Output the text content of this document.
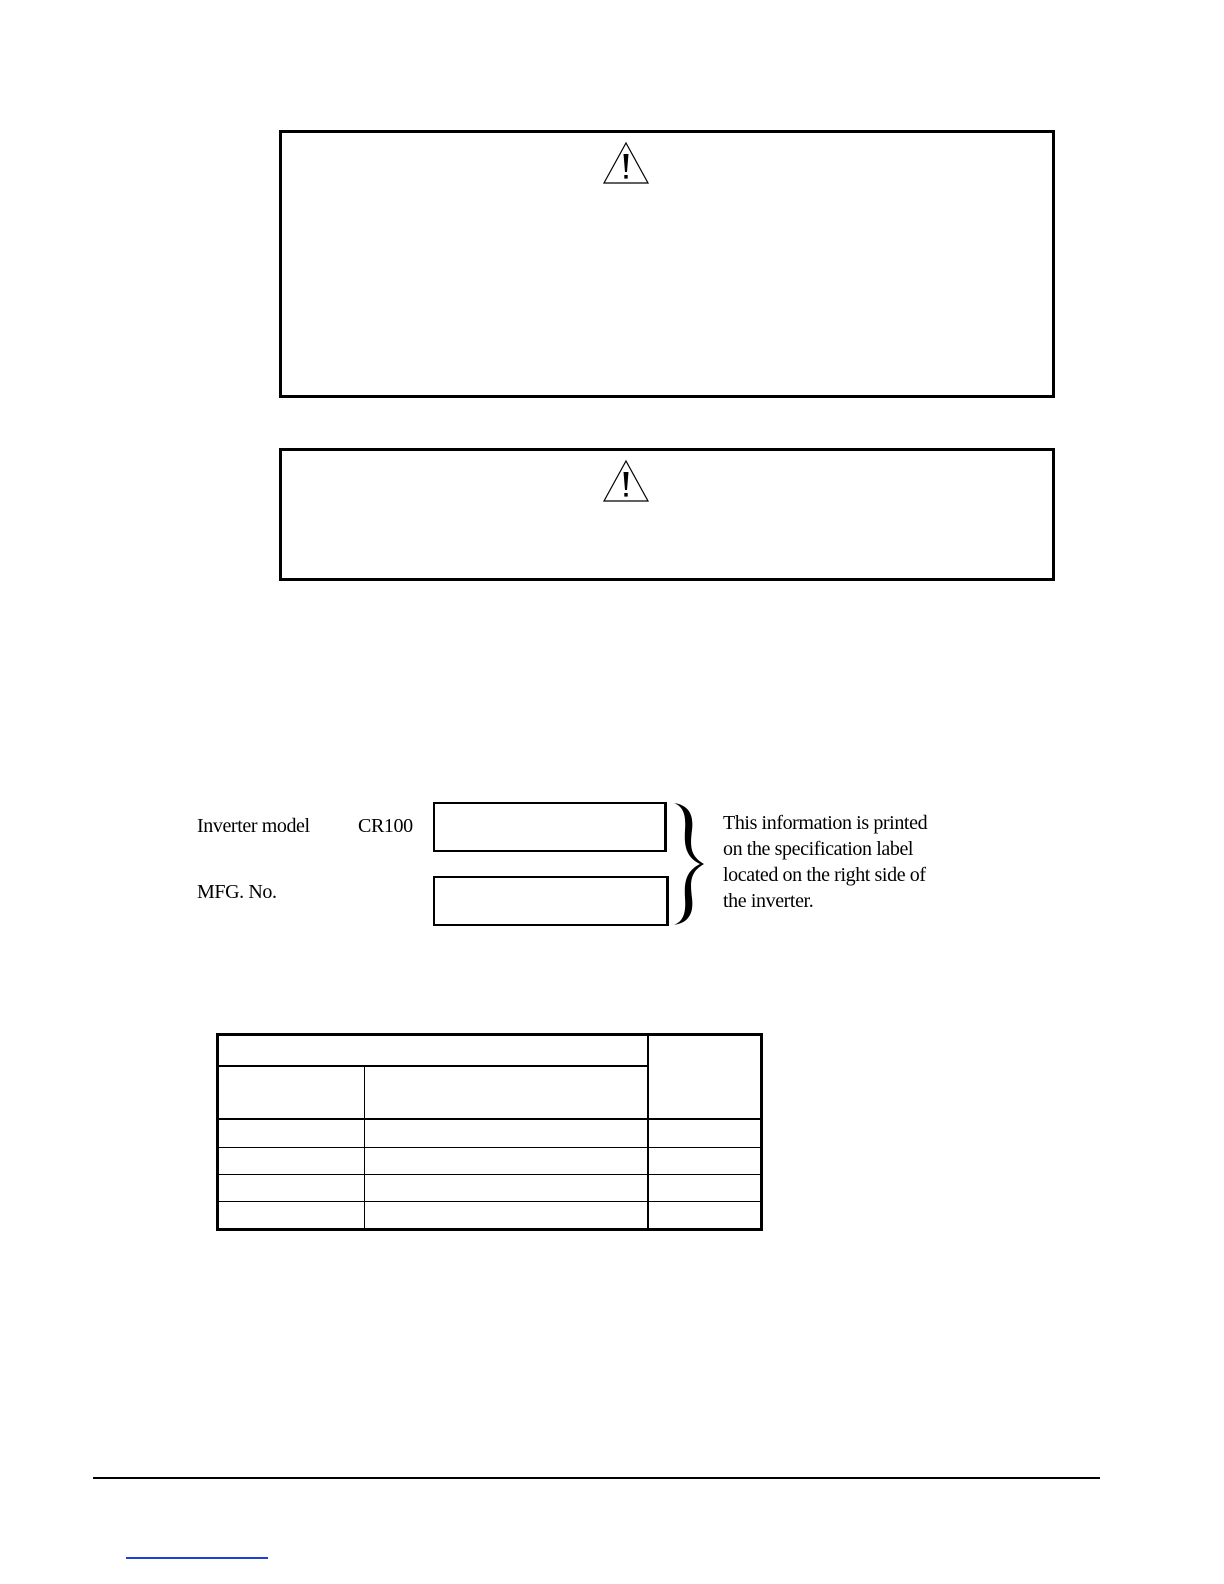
Inverter model CR100
MFG. No.
This information is printed
on the specification label
located on the right side of
the inverter.
